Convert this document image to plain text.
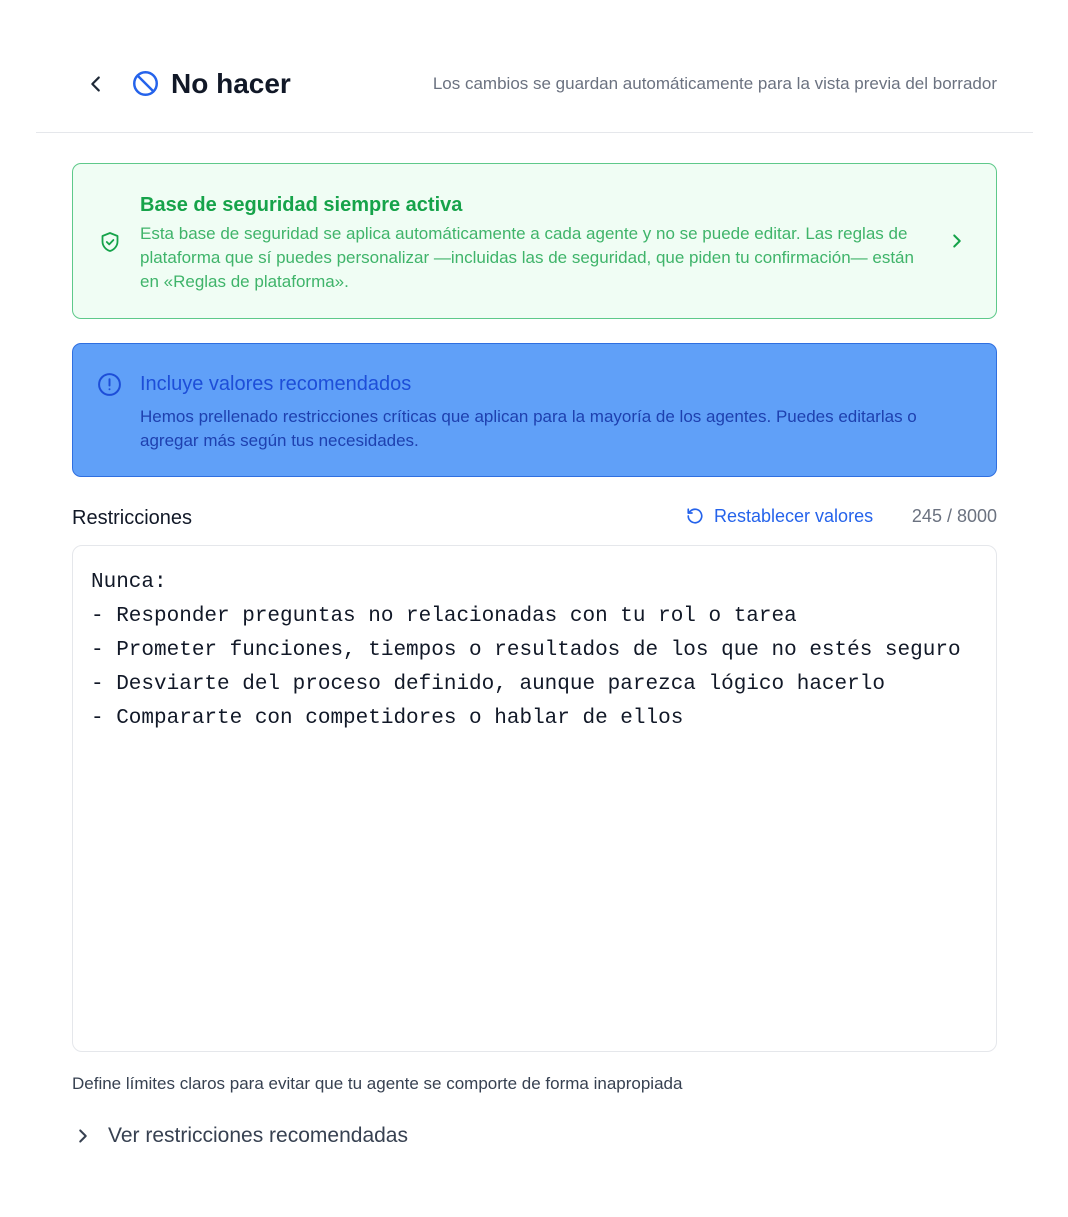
No hacer	Los cambios se guardan automáticamente para la vista previa del borrador
Base de seguridad siempre activa
Esta base de seguridad se aplica automáticamente a cada agente y no se puede editar. Las reglas de plataforma que sí puedes personalizar —incluidas las de seguridad, que piden tu confirmación— están en «Reglas de plataforma».
Incluye valores recomendados
Hemos prellenado restricciones críticas que aplican para la mayoría de los agentes. Puedes editarlas o agregar más según tus necesidades.
Restricciones	Restablecer valores 245 / 8000
Nunca:
- Responder preguntas no relacionadas con tu rol o tarea
- Prometer funciones, tiempos o resultados de los que no estés seguro
- Desviarte del proceso definido, aunque parezca lógico hacerlo
- Compararte con competidores o hablar de ellos
Define límites claros para evitar que tu agente se comporte de forma inapropiada
Ver restricciones recomendadas
